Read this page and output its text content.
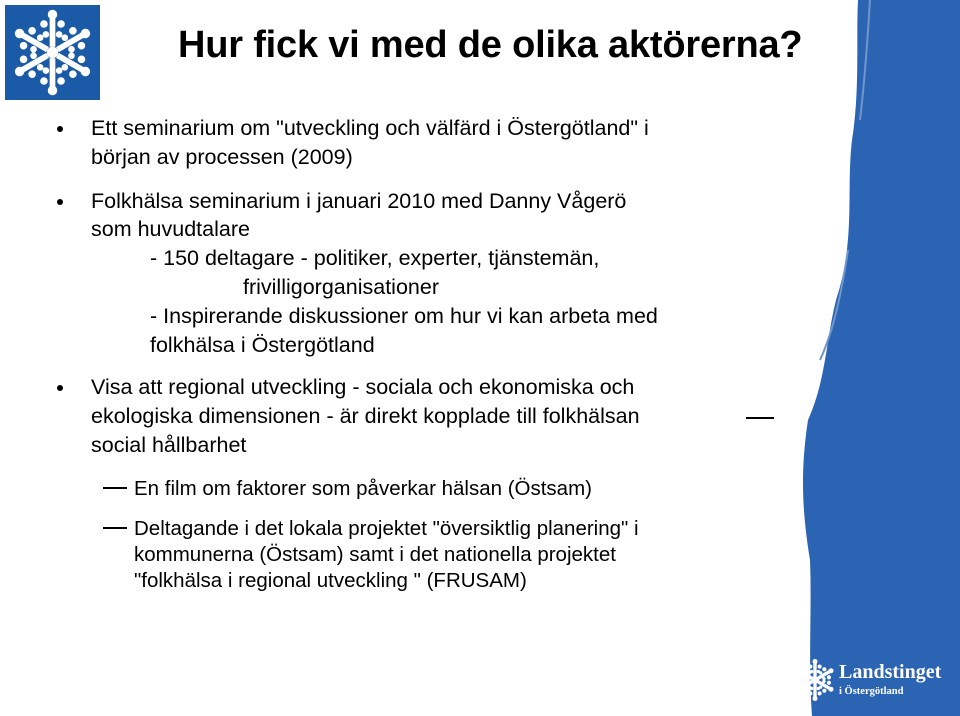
Hur fick vi med de olika aktörerna?
Ett seminarium om "utveckling och välfärd i Östergötland" i
början av processen (2009)
Folkhälsa seminarium i januari 2010 med Danny Vågerö
som huvudtalare
- 150 deltagare - politiker, experter, tjänstemän,
frivilligorganisationer
- Inspirerande diskussioner om hur vi kan arbeta med
folkhälsa i Östergötland
Visa att regional utveckling - sociala och ekonomiska och
ekologiska dimensionen - är direkt kopplade till folkhälsan
social hållbarhet
En film om faktorer som påverkar hälsan (Östsam)
Deltagande i det lokala projektet "översiktlig planering" i
kommunerna (Östsam) samt i det nationella projektet
"folkhälsa i regional utveckling " (FRUSAM)
Landstinget
i Östergötland
